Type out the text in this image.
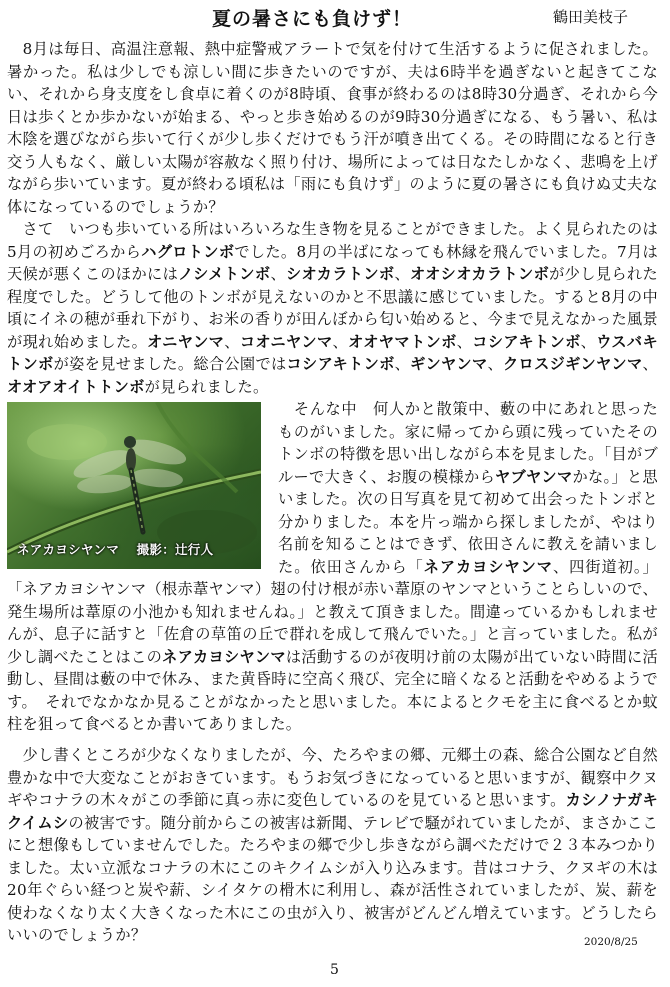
夏の暑さにも負けず！	鶴田美枝子

　8月は毎日、高温注意報、熱中症警戒アラートで気を付けて生活するように促されました。暑かった。私は少しでも涼しい間に歩きたいのですが、夫は6時半を過ぎないと起きてこない、それから身支度をし食卓に着くのが8時頃、食事が終わるのは8時30分過ぎ、それから今日は歩くとか歩かないが始まる、やっと歩き始めるのが9時30分過ぎになる、もう暑い、私は木陰を選びながら歩いて行くが少し歩くだけでもう汗が噴き出てくる。その時間になると行き交う人もなく、厳しい太陽が容赦なく照り付け、場所によっては日なたしかなく、悲鳴を上げながら歩いています。夏が終わる頃私は「雨にも負けず」のように夏の暑さにも負けぬ丈夫な体になっているのでしょうか？

　さて　いつも歩いている所はいろいろな生き物を見ることができました。よく見られたのは5月の初めごろからハグロトンボでした。8月の半ばになっても林縁を飛んでいました。7月は天候が悪くこのほかにはノシメトンボ、シオカラトンボ、オオシオカラトンボが少し見られた程度でした。どうして他のトンボが見えないのかと不思議に感じていました。すると8月の中頃にイネの穂が垂れ下がり、お米の香りが田んぼから匂い始めると、今まで見えなかった風景が現れ始めました。オニヤンマ、コオニヤンマ、オオヤマトンボ、コシアキトンボ、ウスバキトンボが姿を見せました。総合公園ではコシアキトンボ、ギンヤンマ、クロスジギンヤンマ、オオアオイトトンボが見られました。

ネアカヨシヤンマ　 撮影：辻行人
　そんな中　何人かと散策中、藪の中にあれと思ったものがいました。家に帰ってから頭に残っていたそのトンボの特徴を思い出しながら本を見ました。「目がブルーで大きく、お腹の模様からヤブヤンマかな。」と思いました。次の日写真を見て初めて出会ったトンボと分かりました。本を片っ端から探しましたが、やはり名前を知ることはできず、依田さんに教えを請いました。依田さんから「ネアカヨシヤンマ、四街道初。」「ネアカヨシヤンマ（根赤葦ヤンマ）翅の付け根が赤い葦原のヤンマということらしいので、発生場所は葦原の小池かも知れませんね。」と教えて頂きました。間違っているかもしれませんが、息子に話すと「佐倉の草笛の丘で群れを成して飛んでいた。」と言っていました。私が少し調べたことはこのネアカヨシヤンマは活動するのが夜明け前の太陽が出ていない時間に活動し、昼間は藪の中で休み、また黄昏時に空高く飛び、完全に暗くなると活動をやめるようです。　それでなかなか見ることがなかったと思いました。本によるとクモを主に食べるとか蚊柱を狙って食べるとか書いてありました。

　少し書くところが少なくなりましたが、今、たろやまの郷、元郷土の森、総合公園など自然豊かな中で大変なことがおきています。もうお気づきになっていると思いますが、観察中クヌギやコナラの木々がこの季節に真っ赤に変色しているのを見ていると思います。カシノナガキクイムシの被害です。随分前からこの被害は新聞、テレビで騒がれていましたが、まさかここにと想像もしていませんでした。たろやまの郷で少し歩きながら調べただけで２３本みつかりました。太い立派なコナラの木にこのキクイムシが入り込みます。昔はコナラ、クヌギの木は20年ぐらい経つと炭や薪、シイタケの榾木に利用し、森が活性されていましたが、炭、薪を使わなくなり太く大きくなった木にこの虫が入り、被害がどんどん増えています。どうしたらいいのでしょうか？	2020/8/25
5
